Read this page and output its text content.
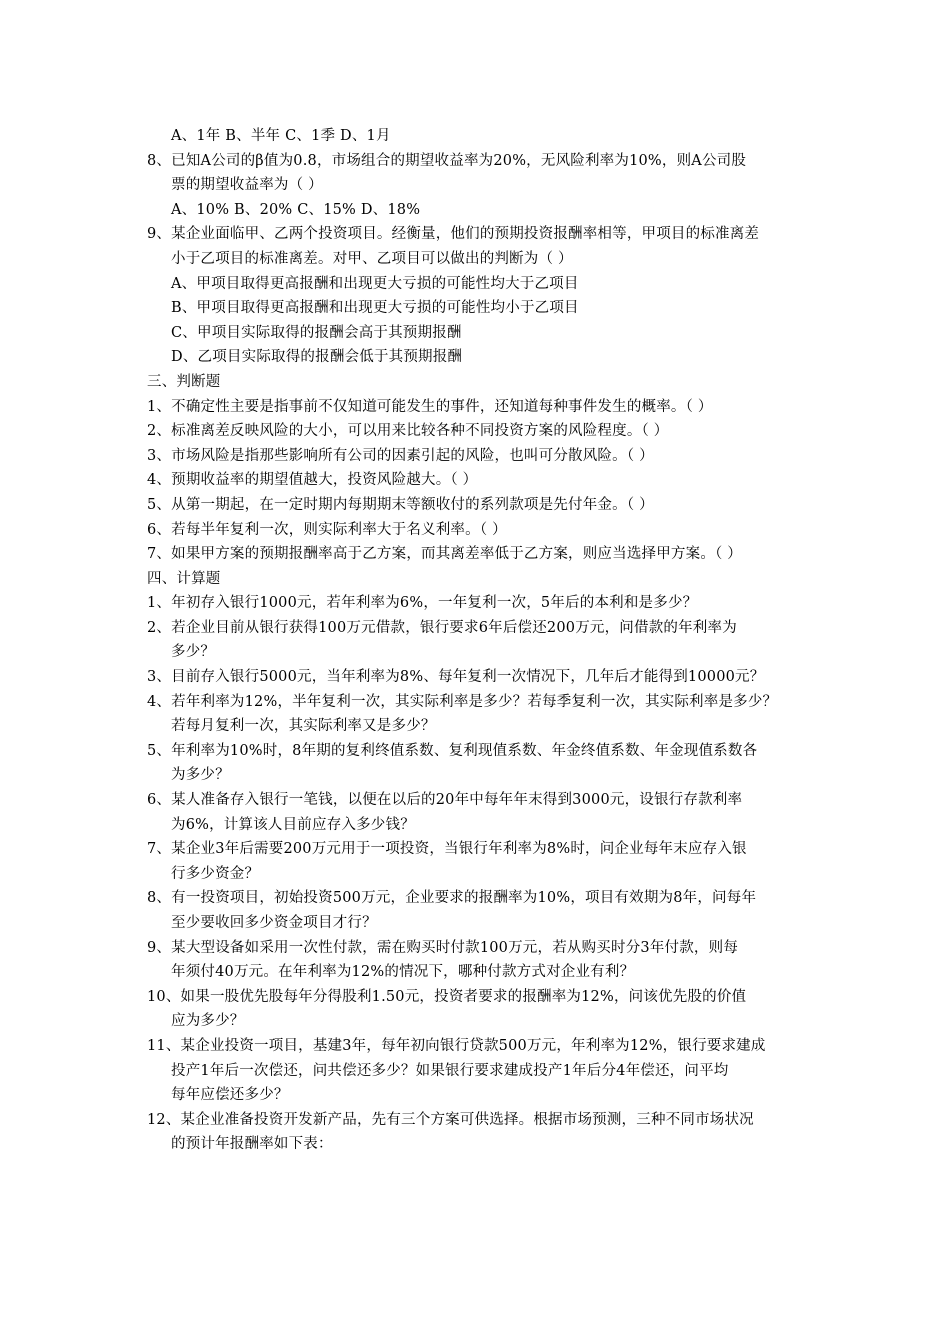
A、1年 B、半年 C、1季 D、1月
8、已知A公司的β值为0.8，市场组合的期望收益率为20%，无风险利率为10%，则A公司股
票的期望收益率为（ ）
A、10% B、20% C、15% D、18%
9、某企业面临甲、乙两个投资项目。经衡量，他们的预期投资报酬率相等，甲项目的标准离差
小于乙项目的标准离差。对甲、乙项目可以做出的判断为（ ）
A、甲项目取得更高报酬和出现更大亏损的可能性均大于乙项目
B、甲项目取得更高报酬和出现更大亏损的可能性均小于乙项目
C、甲项目实际取得的报酬会高于其预期报酬
D、乙项目实际取得的报酬会低于其预期报酬
三、判断题
1、不确定性主要是指事前不仅知道可能发生的事件，还知道每种事件发生的概率。（ ）
2、标准离差反映风险的大小，可以用来比较各种不同投资方案的风险程度。（ ）
3、市场风险是指那些影响所有公司的因素引起的风险，也叫可分散风险。（ ）
4、预期收益率的期望值越大，投资风险越大。（ ）
5、从第一期起，在一定时期内每期期末等额收付的系列款项是先付年金。（ ）
6、若每半年复利一次，则实际利率大于名义利率。（ ）
7、如果甲方案的预期报酬率高于乙方案，而其离差率低于乙方案，则应当选择甲方案。（ ）
四、计算题
1、年初存入银行1000元，若年利率为6%，一年复利一次，5年后的本利和是多少？
2、若企业目前从银行获得100万元借款，银行要求6年后偿还200万元，问借款的年利率为
多少？
3、目前存入银行5000元，当年利率为8%、每年复利一次情况下，几年后才能得到10000元？
4、若年利率为12%，半年复利一次，其实际利率是多少？若每季复利一次，其实际利率是多少？
若每月复利一次，其实际利率又是多少？
5、年利率为10%时，8年期的复利终值系数、复利现值系数、年金终值系数、年金现值系数各
为多少？
6、某人准备存入银行一笔钱，以便在以后的20年中每年年末得到3000元，设银行存款利率
为6%，计算该人目前应存入多少钱？
7、某企业3年后需要200万元用于一项投资，当银行年利率为8%时，问企业每年末应存入银
行多少资金？
8、有一投资项目，初始投资500万元，企业要求的报酬率为10%，项目有效期为8年，问每年
至少要收回多少资金项目才行？
9、某大型设备如采用一次性付款，需在购买时付款100万元，若从购买时分3年付款，则每
年须付40万元。在年利率为12%的情况下，哪种付款方式对企业有利？
10、如果一股优先股每年分得股利1.50元，投资者要求的报酬率为12%，问该优先股的价值
应为多少？
11、某企业投资一项目，基建3年，每年初向银行贷款500万元，年利率为12%，银行要求建成
投产1年后一次偿还，问共偿还多少？如果银行要求建成投产1年后分4年偿还，问平均
每年应偿还多少？
12、某企业准备投资开发新产品，先有三个方案可供选择。根据市场预测，三种不同市场状况
的预计年报酬率如下表：
